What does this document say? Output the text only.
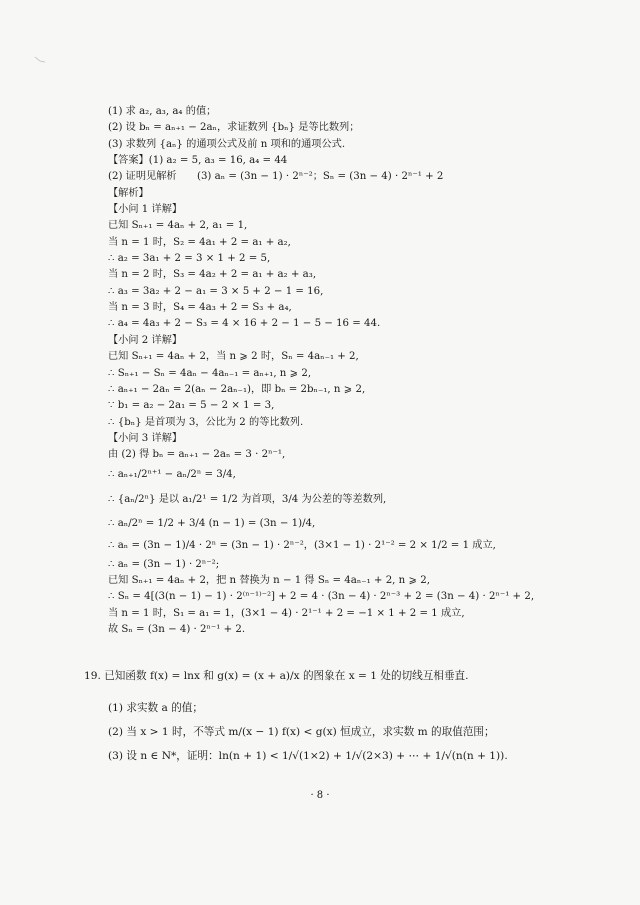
(1) 求 a₂, a₃, a₄ 的值；
(2) 设 bₙ = aₙ₊₁ − 2aₙ，求证数列 {bₙ} 是等比数列；
(3) 求数列 {aₙ} 的通项公式及前 n 项和的通项公式.
【答案】(1) a₂ = 5, a₃ = 16, a₄ = 44
(2) 证明见解析　　(3) aₙ = (3n − 1) · 2ⁿ⁻²；Sₙ = (3n − 4) · 2ⁿ⁻¹ + 2
【解析】
【小问 1 详解】
已知 Sₙ₊₁ = 4aₙ + 2, a₁ = 1,
当 n = 1 时，S₂ = 4a₁ + 2 = a₁ + a₂,
∴ a₂ = 3a₁ + 2 = 3 × 1 + 2 = 5,
当 n = 2 时，S₃ = 4a₂ + 2 = a₁ + a₂ + a₃,
∴ a₃ = 3a₂ + 2 − a₁ = 3 × 5 + 2 − 1 = 16,
当 n = 3 时，S₄ = 4a₃ + 2 = S₃ + a₄,
∴ a₄ = 4a₃ + 2 − S₃ = 4 × 16 + 2 − 1 − 5 − 16 = 44.
【小问 2 详解】
已知 Sₙ₊₁ = 4aₙ + 2，当 n ⩾ 2 时，Sₙ = 4aₙ₋₁ + 2,
∴ Sₙ₊₁ − Sₙ = 4aₙ − 4aₙ₋₁ = aₙ₊₁, n ⩾ 2,
∴ aₙ₊₁ − 2aₙ = 2(aₙ − 2aₙ₋₁)，即 bₙ = 2bₙ₋₁, n ⩾ 2,
∵ b₁ = a₂ − 2a₁ = 5 − 2 × 1 = 3,
∴ {bₙ} 是首项为 3，公比为 2 的等比数列.
【小问 3 详解】
由 (2) 得 bₙ = aₙ₊₁ − 2aₙ = 3 · 2ⁿ⁻¹,
∴ aₙ₊₁/2ⁿ⁺¹ − aₙ/2ⁿ = 3/4,
∴ {aₙ/2ⁿ} 是以 a₁/2¹ = 1/2 为首项，3/4 为公差的等差数列,
∴ aₙ/2ⁿ = 1/2 + 3/4 (n − 1) = (3n − 1)/4,
∴ aₙ = (3n − 1)/4 · 2ⁿ = (3n − 1) · 2ⁿ⁻²，(3×1 − 1) · 2¹⁻² = 2 × 1/2 = 1 成立,
∴ aₙ = (3n − 1) · 2ⁿ⁻²;
已知 Sₙ₊₁ = 4aₙ + 2，把 n 替换为 n − 1 得 Sₙ = 4aₙ₋₁ + 2, n ⩾ 2,
∴ Sₙ = 4[(3(n − 1) − 1) · 2⁽ⁿ⁻¹⁾⁻²] + 2 = 4 · (3n − 4) · 2ⁿ⁻³ + 2 = (3n − 4) · 2ⁿ⁻¹ + 2,
当 n = 1 时，S₁ = a₁ = 1，(3×1 − 4) · 2¹⁻¹ + 2 = −1 × 1 + 2 = 1 成立,
故 Sₙ = (3n − 4) · 2ⁿ⁻¹ + 2.
19. 已知函数 f(x) = lnx 和 g(x) = (x + a)/x 的图象在 x = 1 处的切线互相垂直.
(1) 求实数 a 的值；
(2) 当 x > 1 时，不等式 m/(x − 1) f(x) < g(x) 恒成立，求实数 m 的取值范围；
(3) 设 n ∈ N*，证明：ln(n + 1) < 1/√(1×2) + 1/√(2×3) + ⋯ + 1/√(n(n + 1)).
· 8 ·
